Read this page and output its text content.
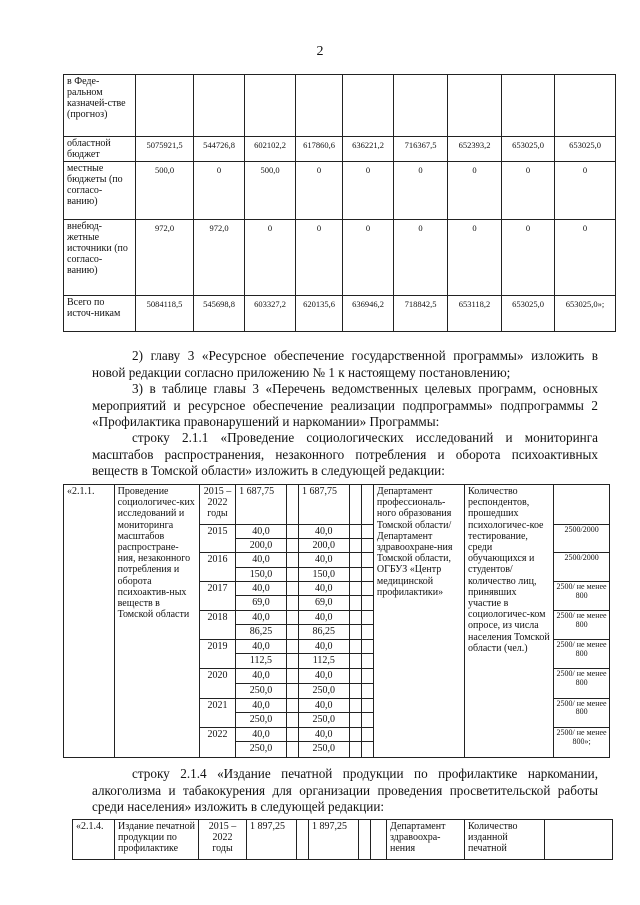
2
в Феде-ральном казначей-стве (прогноз)									
областной бюджет	5075921,5	544726,8	602102,2	617860,6	636221,2	716367,5	652393,2	653025,0	653025,0
местные бюджеты (по согласо-ванию)	500,0	0	500,0	0	0	0	0	0	0
внебюд-жетные источники (по согласо-ванию)	972,0	972,0	0	0	0	0	0	0	0
Всего по источ-никам	5084118,5	545698,8	603327,2	620135,6	636946,2	718842,5	653118,2	653025,0	653025,0»;

2) главу 3 «Ресурсное обеспечение государственной программы» изложить в новой редакции согласно приложению № 1 к настоящему постановлению;

3) в таблице главы 3 «Перечень ведомственных целевых программ, основных мероприятий и ресурсное обеспечение реализации подпрограммы» подпрограммы 2 «Профилактика правонарушений и наркомании» Программы:

строку 2.1.1 «Проведение социологических исследований и мониторинга масштабов распространения, незаконного потребления и оборота психоактивных веществ в Томской области» изложить в следующей редакции:

«2.1.1.	Проведение социологичес-ких исследований и мониторинга масштабов распростране-ния, незаконного потребления и оборота психоактив-ных веществ в Томской области	2015 – 2022 годы	1 687,75		1 687,75			Департамент профессиональ-ного образования Томской области/ Департамент здравоохране-ния Томской области, ОГБУЗ «Центр медицинской профилактики»	Количество респондентов, прошедших психологичес-кое тестирование, среди обучающихся и студентов/ количество лиц, принявших участие в социологичес-ком опросе, из числа населения Томской области (чел.)	
		2015	40,0		40,0					2500/2000
			200,0		200,0					
		2016	40,0		40,0					2500/2000
			150,0		150,0					
		2017	40,0		40,0					2500/ не менее 800
			69,0		69,0					
		2018	40,0		40,0					2500/ не менее 800
			86,25		86,25					
		2019	40,0		40,0					2500/ не менее 800
			112,5		112,5					
		2020	40,0		40,0					2500/ не менее 800
			250,0		250,0					
		2021	40,0		40,0					2500/ не менее 800
			250,0		250,0					
		2022	40,0		40,0					2500/ не менее 800»;
			250,0		250,0					

строку 2.1.4 «Издание печатной продукции по профилактике наркомании, алкоголизма и табакокурения для организации проведения просветительской работы среди населения» изложить в следующей редакции:

«2.1.4.	Издание печатной продукции по профилактике	2015 – 2022 годы	1 897,25		1 897,25			Департамент здравоохра-нения	Количество изданной печатной	
